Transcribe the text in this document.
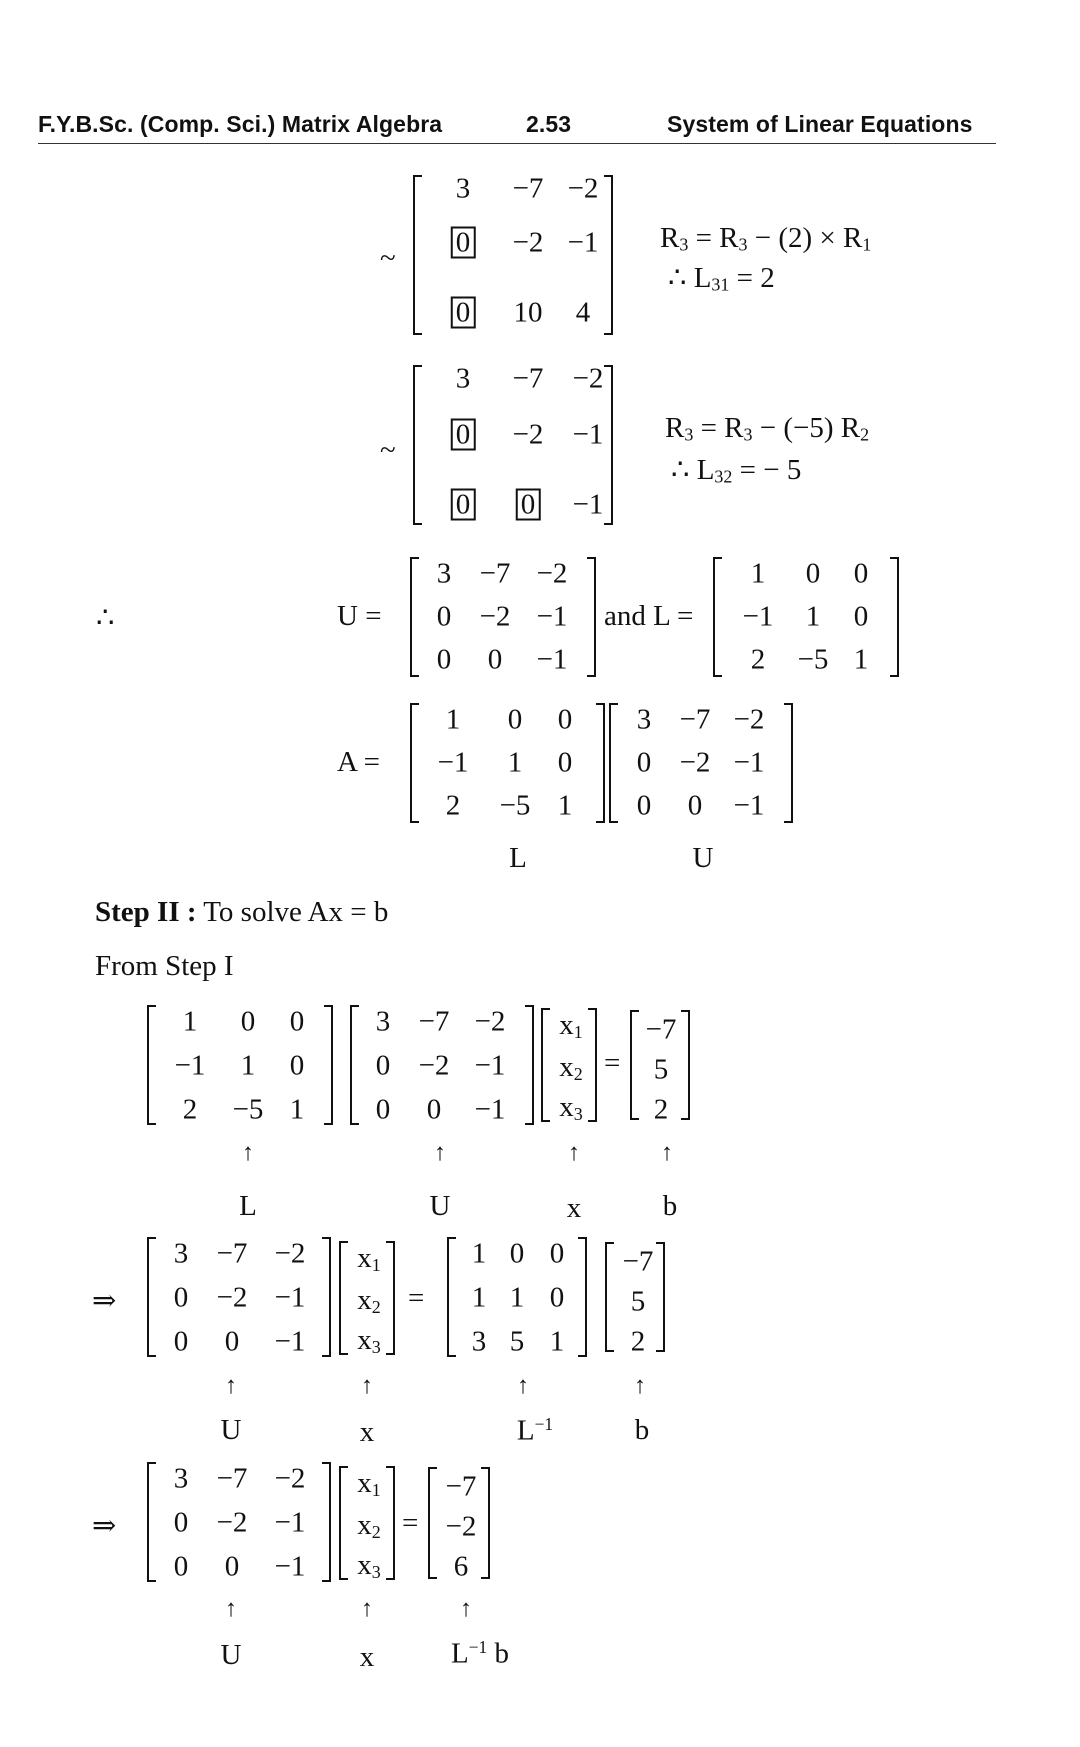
F.Y.B.Sc. (Comp. Sci.) Matrix Algebra	2.53	System of Linear Equations
~
3 −7 −2
0 −2 −1
0 10 4
$R_3 = R_3 - (2) \times R_1$
∴ $L_{31} = 2$
~
3 −7 −2
0 −2 −1
0 0 −1
$R_3 = R_3 - (-5)$ $R_2$
∴ $L_{32}$ = − 5
∴	U =
3 −7 −2
0 −2 −1
0 0 −1
and L =
1 0 0
−1 1 0
2 −5 1
A =
1 0 0
−1 1 0
2 −5 1
3 −7 −2
0 −2 −1
0 0 −1
L	U
Step II : To solve Ax = b
From Step I
1 0 0
−1 1 0
2 −5 1
3 −7 −2
0 −2 −1
0 0 −1
$x_1$
$x_2$
$x_3$
=
−7
5
2
↑	↑	↑	↑
L	U	x	b
⇒
3 −7 −2
0 −2 −1
0 0 −1
$x_1$
$x_2$
$x_3$
=
1 0 0
1 1 0
3 5 1
−7
5
2
↑	↑	↑	↑
U	x	$L^{-1}$	b
⇒
3 −7 −2
0 −2 −1
0 0 −1
$x_1$
$x_2$
$x_3$
=
−7
−2
6
↑	↑	↑
U	x	$L^{-1}$ b
